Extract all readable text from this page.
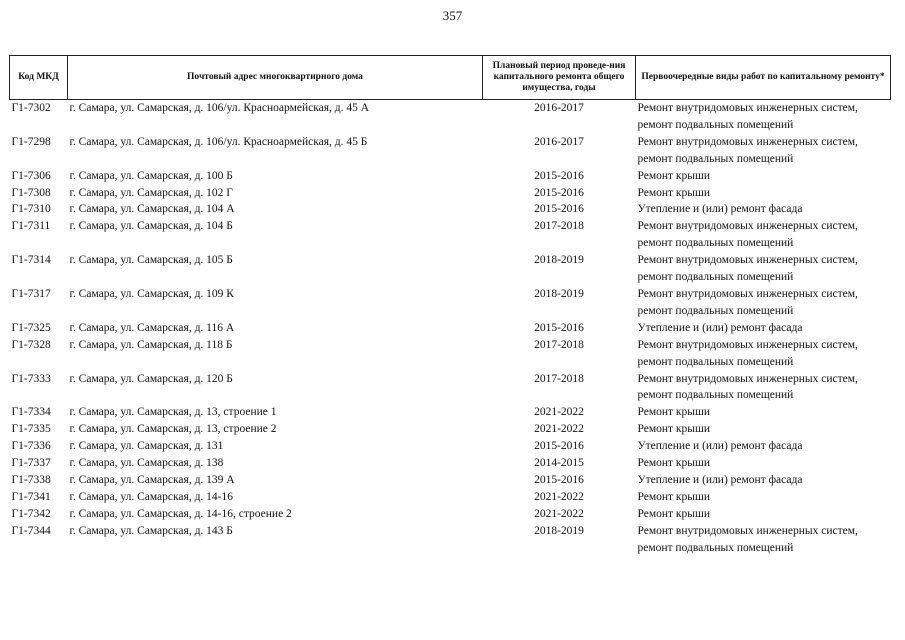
357
Код МКД	Почтовый адрес многоквартирного дома	Плановый период проведе-ния капитального ремонта общего имущества, годы	Первоочередные виды работ по капитальному ремонту*
Г1-7302	г. Самара, ул. Самарская, д. 106/ул. Красноармейская, д. 45 А	2016-2017	Ремонт внутридомовых инженерных систем,
ремонт подвальных помещений

Г1-7298	г. Самара, ул. Самарская, д. 106/ул. Красноармейская, д. 45 Б	2016-2017	Ремонт внутридомовых инженерных систем,
ремонт подвальных помещений

Г1-7306	г. Самара, ул. Самарская, д. 100 Б	2015-2016	Ремонт крыши

Г1-7308	г. Самара, ул. Самарская, д. 102 Г	2015-2016	Ремонт крыши

Г1-7310	г. Самара, ул. Самарская, д. 104 А	2015-2016	Утепление и (или) ремонт фасада

Г1-7311	г. Самара, ул. Самарская, д. 104 Б	2017-2018	Ремонт внутридомовых инженерных систем,
ремонт подвальных помещений

Г1-7314	г. Самара, ул. Самарская, д. 105 Б	2018-2019	Ремонт внутридомовых инженерных систем,
ремонт подвальных помещений

Г1-7317	г. Самара, ул. Самарская, д. 109 К	2018-2019	Ремонт внутридомовых инженерных систем,
ремонт подвальных помещений

Г1-7325	г. Самара, ул. Самарская, д. 116 А	2015-2016	Утепление и (или) ремонт фасада

Г1-7328	г. Самара, ул. Самарская, д. 118 Б	2017-2018	Ремонт внутридомовых инженерных систем,
ремонт подвальных помещений

Г1-7333	г. Самара, ул. Самарская, д. 120 Б	2017-2018	Ремонт внутридомовых инженерных систем,
ремонт подвальных помещений

Г1-7334	г. Самара, ул. Самарская, д. 13, строение 1	2021-2022	Ремонт крыши

Г1-7335	г. Самара, ул. Самарская, д. 13, строение 2	2021-2022	Ремонт крыши

Г1-7336	г. Самара, ул. Самарская, д. 131	2015-2016	Утепление и (или) ремонт фасада

Г1-7337	г. Самара, ул. Самарская, д. 138	2014-2015	Ремонт крыши

Г1-7338	г. Самара, ул. Самарская, д. 139 А	2015-2016	Утепление и (или) ремонт фасада

Г1-7341	г. Самара, ул. Самарская, д. 14-16	2021-2022	Ремонт крыши

Г1-7342	г. Самара, ул. Самарская, д. 14-16, строение 2	2021-2022	Ремонт крыши

Г1-7344	г. Самара, ул. Самарская, д. 143 Б	2018-2019	Ремонт внутридомовых инженерных систем,
ремонт подвальных помещений
